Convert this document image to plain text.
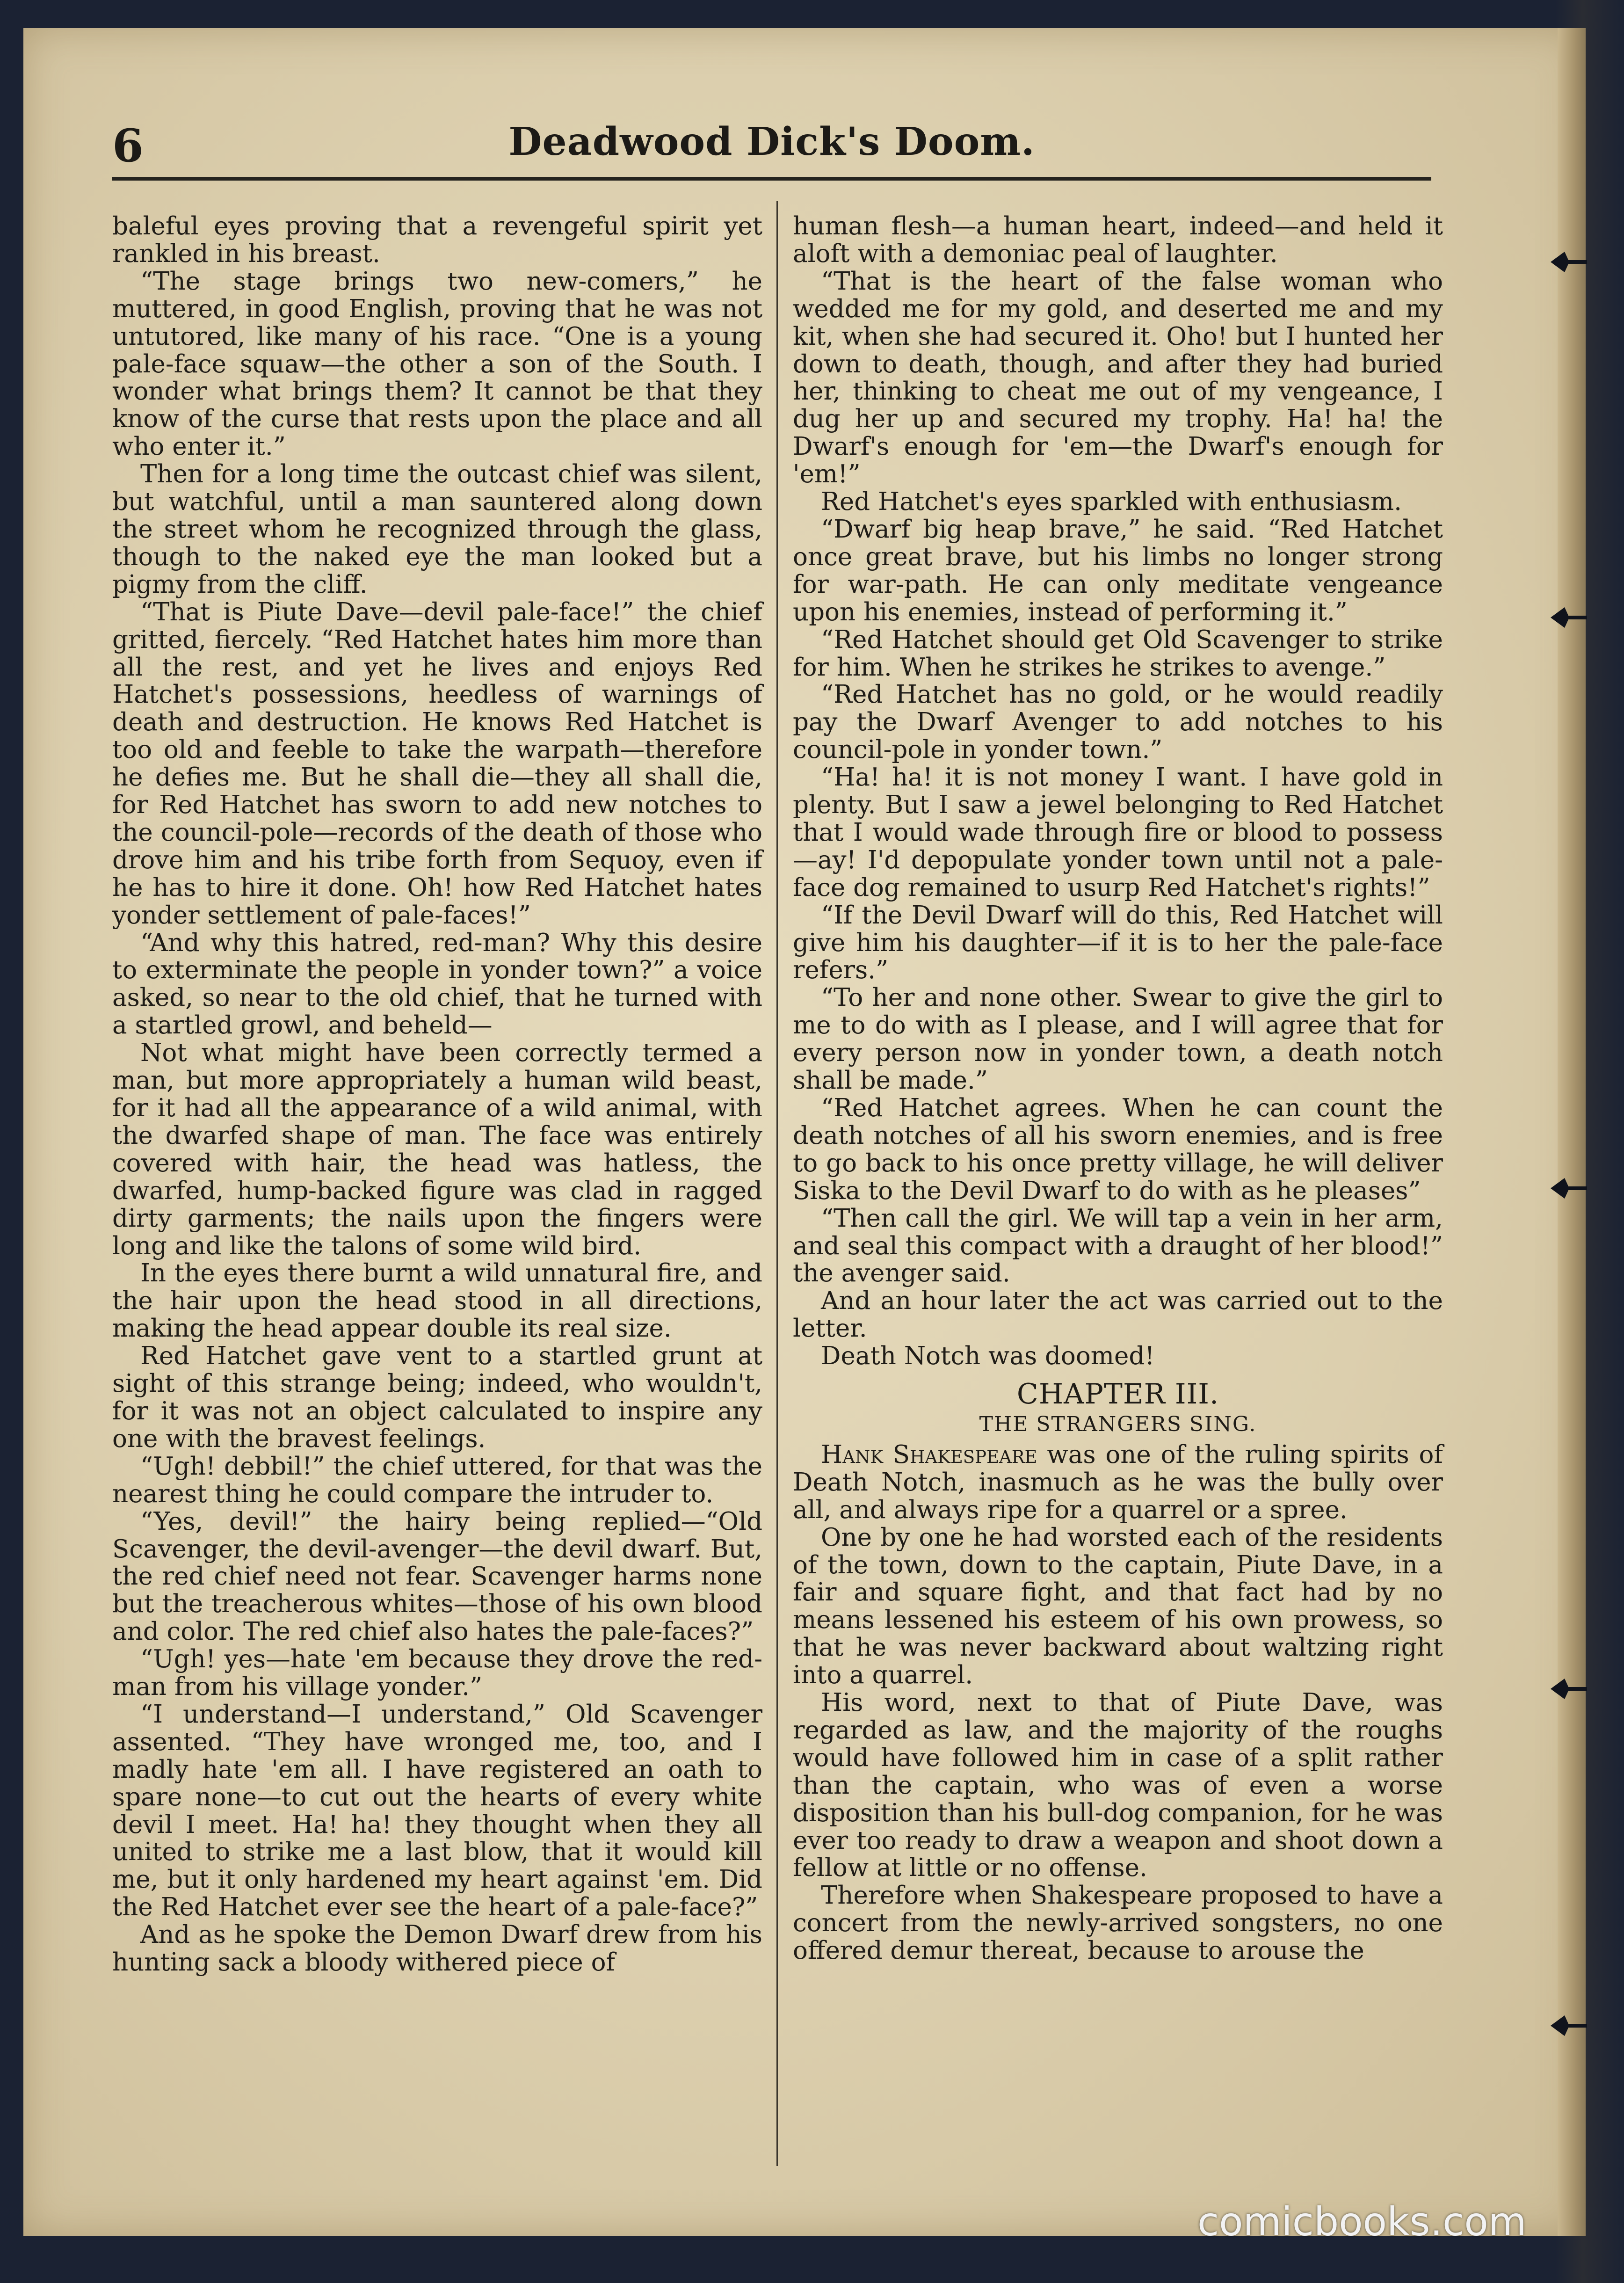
6	Deadwood Dick's Doom.

baleful eyes proving that a revengeful spirit yet rankled in his breast.

“The stage brings two new-comers,” he muttered, in good English, proving that he was not untutored, like many of his race. “One is a young pale-face squaw—the other a son of the South. I wonder what brings them? It cannot be that they know of the curse that rests upon the place and all who enter it.”

Then for a long time the outcast chief was silent, but watchful, until a man sauntered along down the street whom he recognized through the glass, though to the naked eye the man looked but a pigmy from the cliff.

“That is Piute Dave—devil pale-face!” the chief gritted, fiercely. “Red Hatchet hates him more than all the rest, and yet he lives and enjoys Red Hatchet's possessions, heedless of warnings of death and destruction. He knows Red Hatchet is too old and feeble to take the warpath—therefore he defies me. But he shall die—they all shall die, for Red Hatchet has sworn to add new notches to the council-pole—records of the death of those who drove him and his tribe forth from Sequoy, even if he has to hire it done. Oh! how Red Hatchet hates yonder settlement of pale-faces!”

“And why this hatred, red-man? Why this desire to exterminate the people in yonder town?” a voice asked, so near to the old chief, that he turned with a startled growl, and beheld—

Not what might have been correctly termed a man, but more appropriately a human wild beast, for it had all the appearance of a wild animal, with the dwarfed shape of man. The face was entirely covered with hair, the head was hatless, the dwarfed, hump-backed figure was clad in ragged dirty garments; the nails upon the fingers were long and like the talons of some wild bird.

In the eyes there burnt a wild unnatural fire, and the hair upon the head stood in all directions, making the head appear double its real size.

Red Hatchet gave vent to a startled grunt at sight of this strange being; indeed, who wouldn't, for it was not an object calculated to inspire any one with the bravest feelings.

“Ugh! debbil!” the chief uttered, for that was the nearest thing he could compare the intruder to.

“Yes, devil!” the hairy being replied—“Old Scavenger, the devil-avenger—the devil dwarf. But, the red chief need not fear. Scavenger harms none but the treacherous whites—those of his own blood and color. The red chief also hates the pale-faces?”

“Ugh! yes—hate 'em because they drove the red-man from his village yonder.”

“I understand—I understand,” Old Scavenger assented. “They have wronged me, too, and I madly hate 'em all. I have registered an oath to spare none—to cut out the hearts of every white devil I meet. Ha! ha! they thought when they all united to strike me a last blow, that it would kill me, but it only hardened my heart against 'em. Did the Red Hatchet ever see the heart of a pale-face?”

And as he spoke the Demon Dwarf drew from his hunting sack a bloody withered piece of

human flesh—a human heart, indeed—and held it aloft with a demoniac peal of laughter.

“That is the heart of the false woman who wedded me for my gold, and deserted me and my kit, when she had secured it. Oho! but I hunted her down to death, though, and after they had buried her, thinking to cheat me out of my vengeance, I dug her up and secured my trophy. Ha! ha! the Dwarf's enough for 'em—the Dwarf's enough for 'em!”

Red Hatchet's eyes sparkled with enthusiasm.

“Dwarf big heap brave,” he said. “Red Hatchet once great brave, but his limbs no longer strong for war-path. He can only meditate vengeance upon his enemies, instead of performing it.”

“Red Hatchet should get Old Scavenger to strike for him. When he strikes he strikes to avenge.”

“Red Hatchet has no gold, or he would readily pay the Dwarf Avenger to add notches to his council-pole in yonder town.”

“Ha! ha! it is not money I want. I have gold in plenty. But I saw a jewel belonging to Red Hatchet that I would wade through fire or blood to possess—ay! I'd depopulate yonder town until not a pale-face dog remained to usurp Red Hatchet's rights!”

“If the Devil Dwarf will do this, Red Hatchet will give him his daughter—if it is to her the pale-face refers.”

“To her and none other. Swear to give the girl to me to do with as I please, and I will agree that for every person now in yonder town, a death notch shall be made.”

“Red Hatchet agrees. When he can count the death notches of all his sworn enemies, and is free to go back to his once pretty village, he will deliver Siska to the Devil Dwarf to do with as he pleases”

“Then call the girl. We will tap a vein in her arm, and seal this compact with a draught of her blood!” the avenger said.

And an hour later the act was carried out to the letter.

Death Notch was doomed!

CHAPTER III.
THE STRANGERS SING.

Hank Shakespeare was one of the ruling spirits of Death Notch, inasmuch as he was the bully over all, and always ripe for a quarrel or a spree.

One by one he had worsted each of the residents of the town, down to the captain, Piute Dave, in a fair and square fight, and that fact had by no means lessened his esteem of his own prowess, so that he was never backward about waltzing right into a quarrel.

His word, next to that of Piute Dave, was regarded as law, and the majority of the roughs would have followed him in case of a split rather than the captain, who was of even a worse disposition than his bull-dog companion, for he was ever too ready to draw a weapon and shoot down a fellow at little or no offense.

Therefore when Shakespeare proposed to have a concert from the newly-arrived songsters, no one offered demur thereat, because to arouse the

comicbooks.com
